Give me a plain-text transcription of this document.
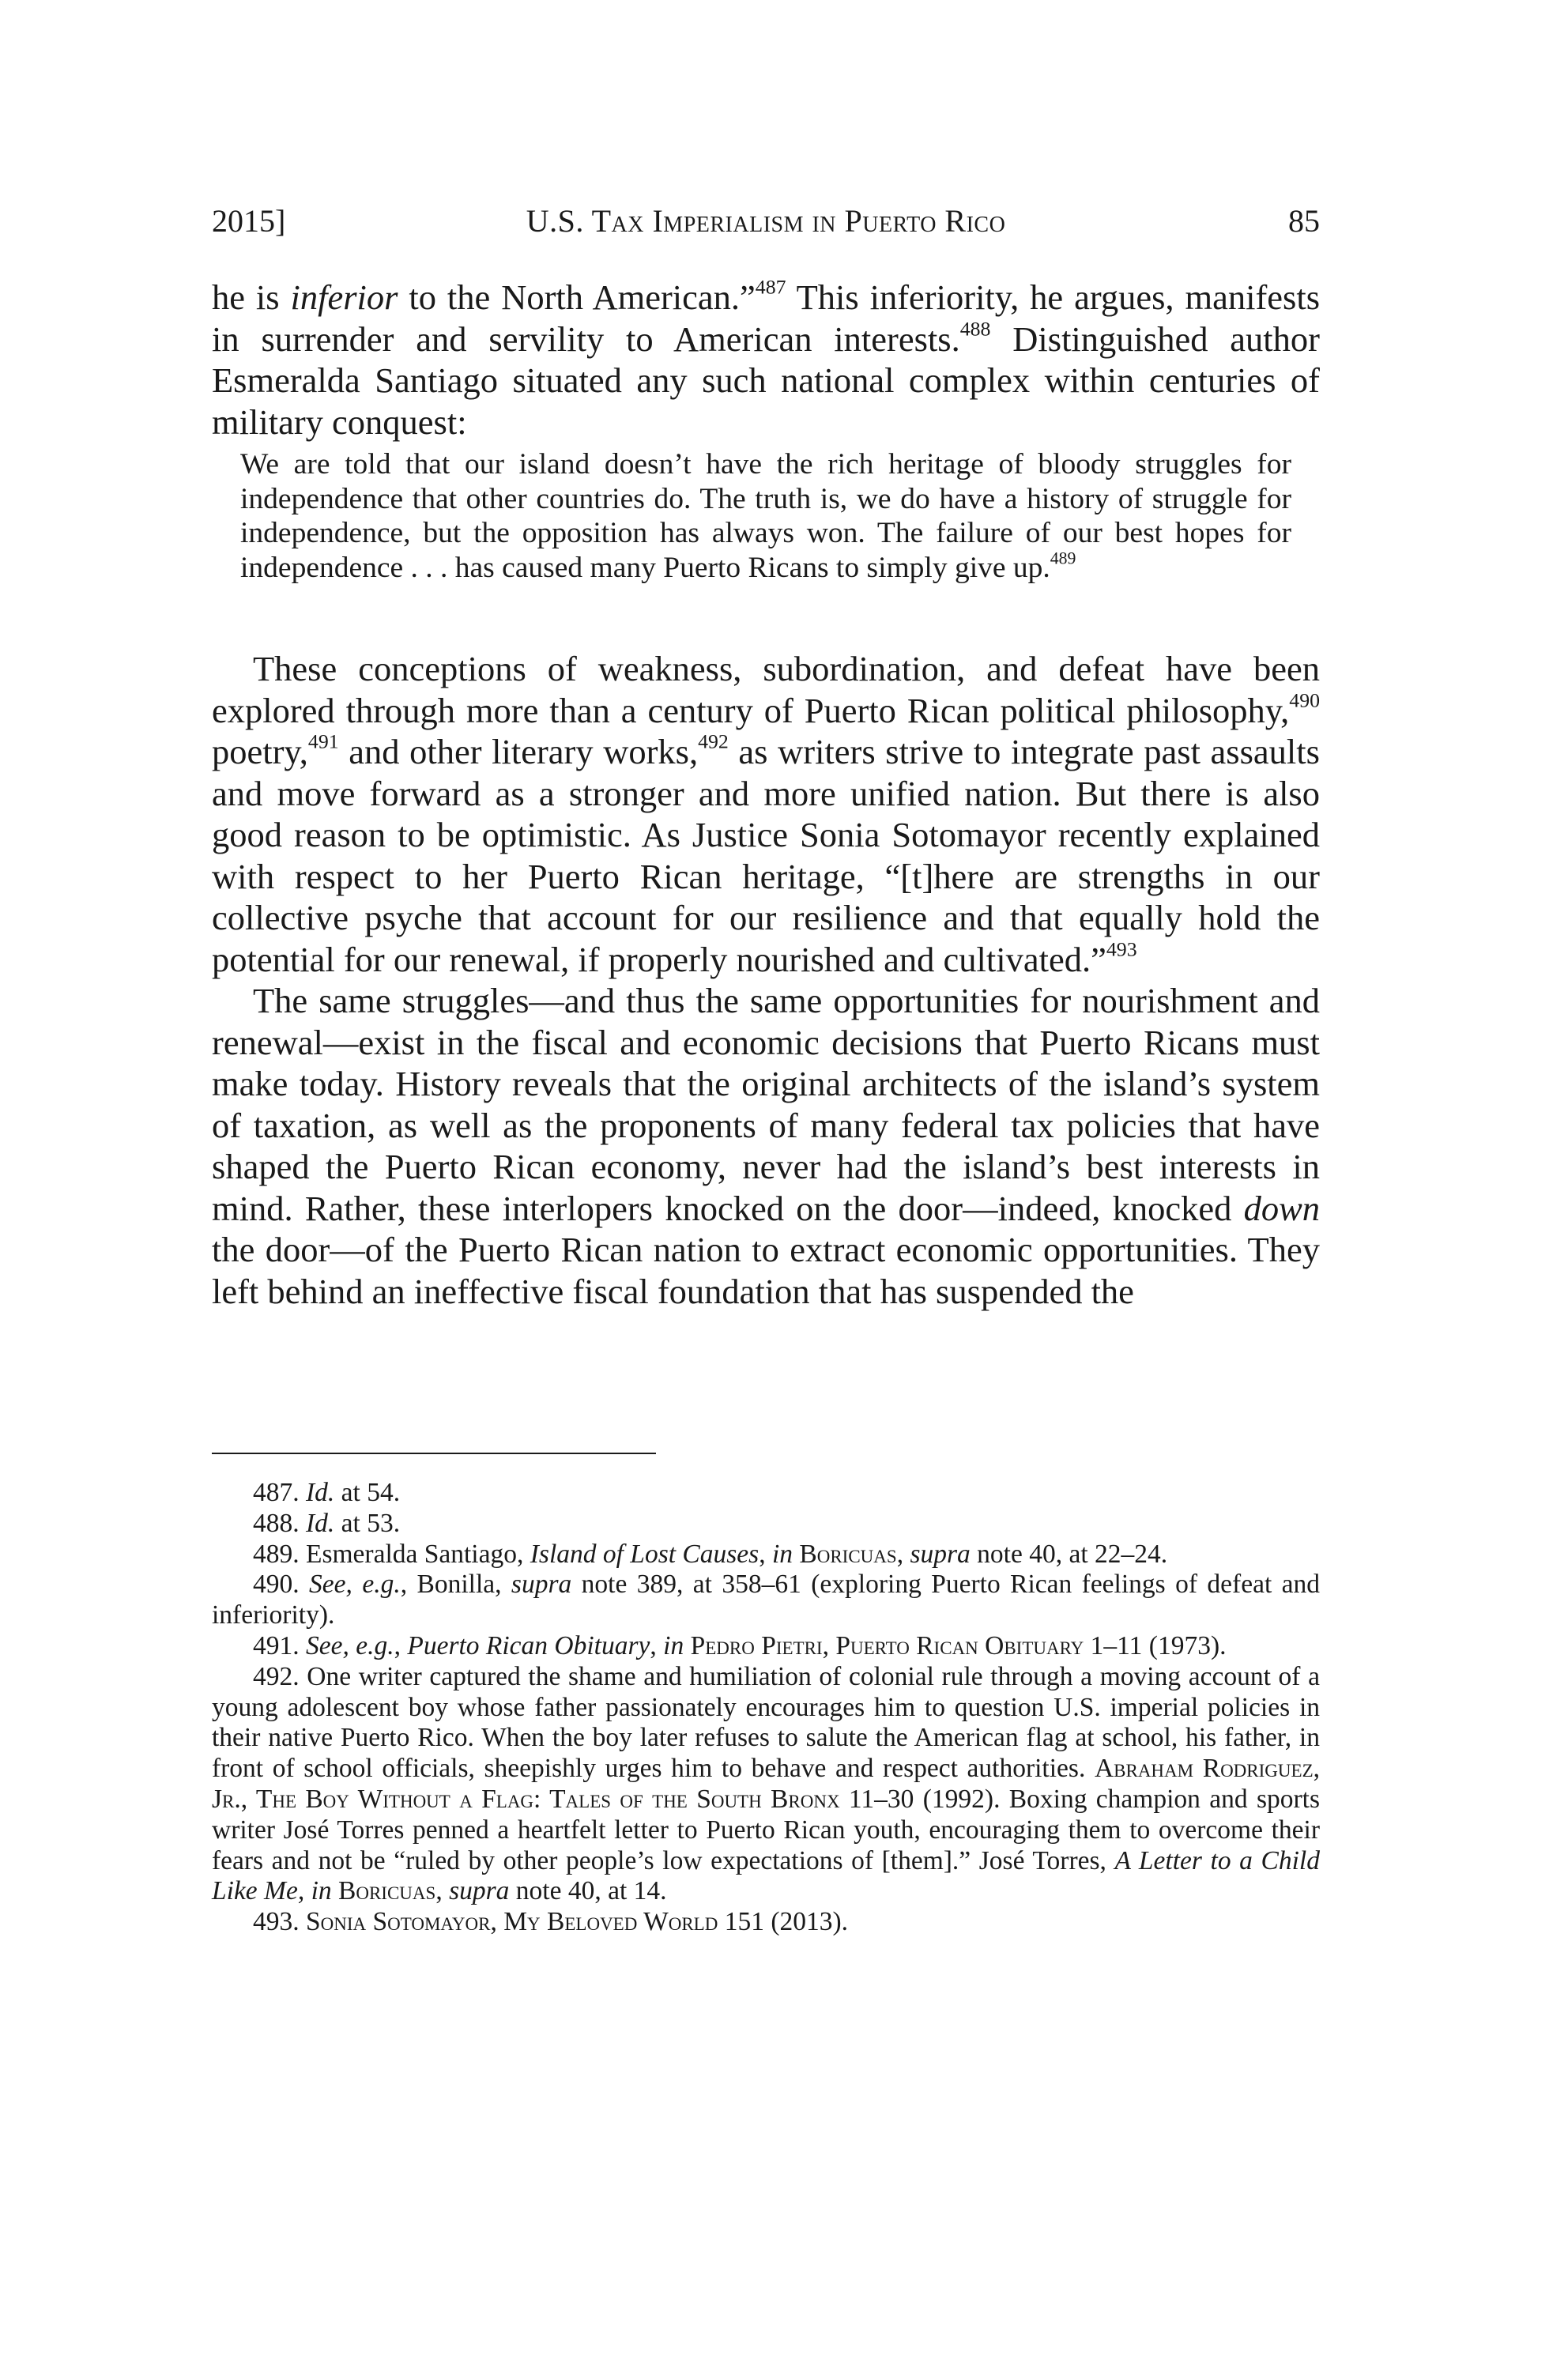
2015]	U.S. Tax Imperialism in Puerto Rico	85

he is inferior to the North American.”$^{487}$ This inferiority, he argues, manifests in surrender and servility to American interests.$^{488}$ Distinguished author Esmeralda Santiago situated any such national complex within centuries of military conquest:

We are told that our island doesn’t have the rich heritage of bloody struggles for independence that other countries do. The truth is, we do have a history of struggle for independence, but the opposition has always won. The failure of our best hopes for independence . . . has caused many Puerto Ricans to simply give up.$^{489}$

These conceptions of weakness, subordination, and defeat have been explored through more than a century of Puerto Rican political philosophy,$^{490}$ poetry,$^{491}$ and other literary works,$^{492}$ as writers strive to integrate past assaults and move forward as a stronger and more unified nation. But there is also good reason to be optimistic. As Justice Sonia Sotomayor recently explained with respect to her Puerto Rican heritage, “[t]here are strengths in our collective psyche that account for our resilience and that equally hold the potential for our renewal, if properly nourished and cultivated.”$^{493}$

The same struggles—and thus the same opportunities for nourishment and renewal—exist in the fiscal and economic decisions that Puerto Ricans must make today. History reveals that the original architects of the island’s system of taxation, as well as the proponents of many federal tax policies that have shaped the Puerto Rican economy, never had the island’s best interests in mind. Rather, these interlopers knocked on the door—indeed, knocked down the door—of the Puerto Rican nation to extract economic opportunities. They left behind an ineffective fiscal foundation that has suspended the

487. Id. at 54.

488. Id. at 53.

489. Esmeralda Santiago, Island of Lost Causes, in Boricuas, supra note 40, at 22–24.

490. See, e.g., Bonilla, supra note 389, at 358–61 (exploring Puerto Rican feelings of defeat and inferiority).

491. See, e.g., Puerto Rican Obituary, in Pedro Pietri, Puerto Rican Obituary 1–11 (1973).

492. One writer captured the shame and humiliation of colonial rule through a moving account of a young adolescent boy whose father passionately encourages him to question U.S. imperial policies in their native Puerto Rico. When the boy later refuses to salute the American flag at school, his father, in front of school officials, sheepishly urges him to behave and respect authorities. Abraham Rodriguez, Jr., The Boy Without a Flag: Tales of the South Bronx 11–30 (1992). Boxing champion and sports writer José Torres penned a heartfelt letter to Puerto Rican youth, encouraging them to overcome their fears and not be “ruled by other people’s low expectations of [them].” José Torres, A Letter to a Child Like Me, in Boricuas, supra note 40, at 14.

493. Sonia Sotomayor, My Beloved World 151 (2013).
